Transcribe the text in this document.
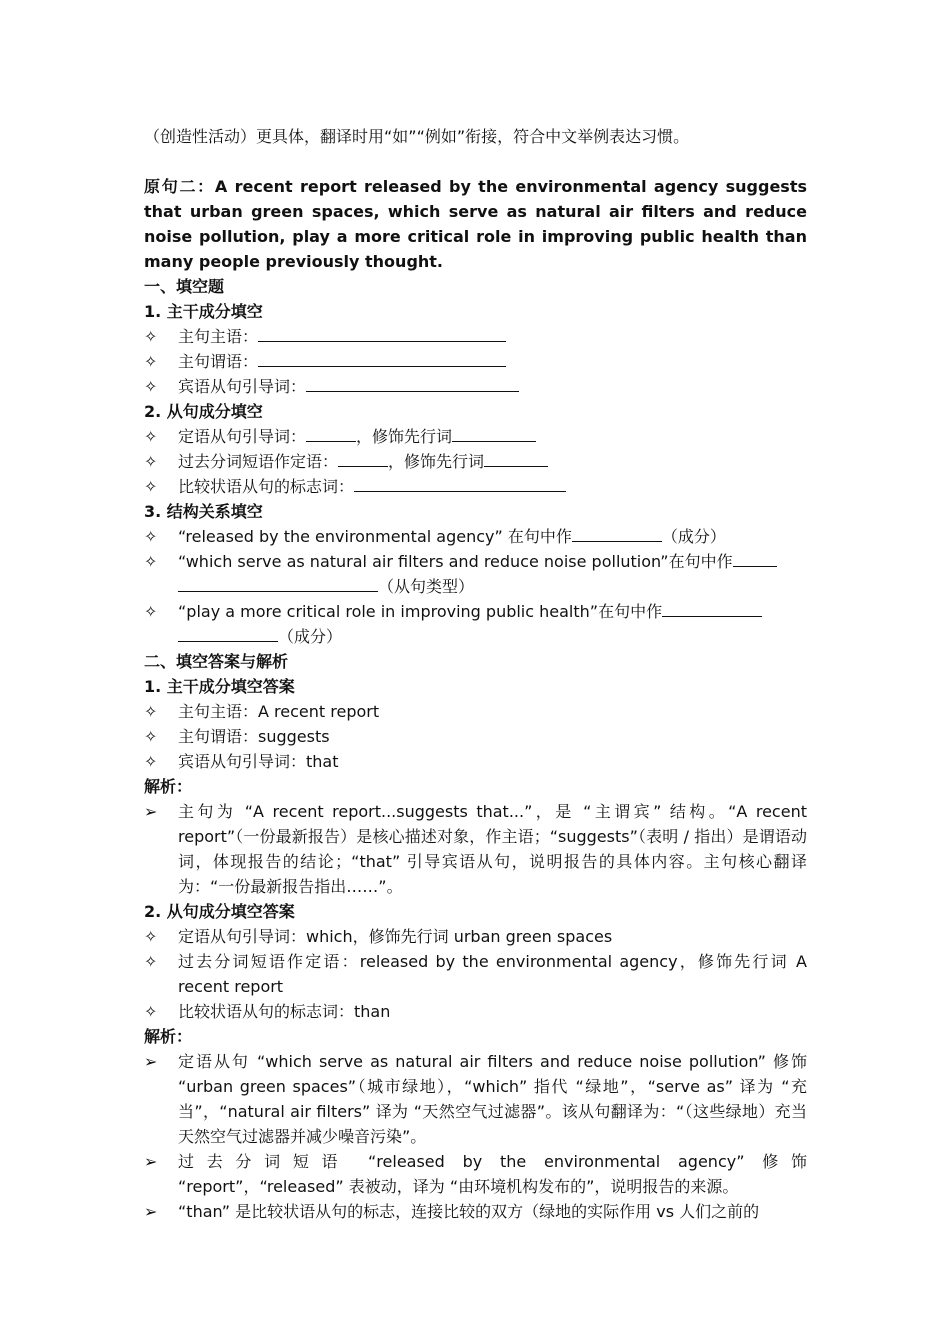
（创造性活动）更具体，翻译时用“如”“例如”衔接，符合中文举例表达习惯。
原句二：A recent report released by the environmental agency suggests that urban green spaces, which serve as natural air filters and reduce noise pollution, play a more critical role in improving public health than many people previously thought.
一、填空题
1. 主干成分填空
✧	主句主语：
✧	主句谓语：
✧	宾语从句引导词：
2. 从句成分填空
✧	定语从句引导词：	，修饰先行词
✧	过去分词短语作定语：	，修饰先行词
✧	比较状语从句的标志词：
3. 结构关系填空
✧	“released by the environmental agency” 在句中作	（成分）
✧	“which serve as natural air filters and reduce noise pollution”在句中作
（从句类型）
✧	“play a more critical role in improving public health”在句中作
（成分）
二、填空答案与解析
1. 主干成分填空答案
✧	主句主语：A recent report
✧	主句谓语：suggests
✧	宾语从句引导词：that
解析：
➢	主句为 “A recent report...suggests that...”，是 “主谓宾” 结构。“A recent report”（一份最新报告）是核心描述对象，作主语；“suggests”（表明 / 指出）是谓语动词，体现报告的结论；“that” 引导宾语从句，说明报告的具体内容。主句核心翻译为：“一份最新报告指出……”。
2. 从句成分填空答案
✧	定语从句引导词：which，修饰先行词 urban green spaces
✧	过去分词短语作定语：released by the environmental agency，修饰先行词 A recent report
✧	比较状语从句的标志词：than
解析：
➢	定语从句 “which serve as natural air filters and reduce noise pollution” 修饰 “urban green spaces”（城市绿地），“which” 指代 “绿地”，“serve as” 译为 “充当”，“natural air filters” 译为 “天然空气过滤器”。该从句翻译为：“（这些绿地）充当天然空气过滤器并减少噪音污染”。
➢	过去分词短语 “released by the environmental agency” 修饰 “report”，“released” 表被动，译为 “由环境机构发布的”，说明报告的来源。
➢	“than” 是比较状语从句的标志，连接比较的双方（绿地的实际作用 vs 人们之前的
